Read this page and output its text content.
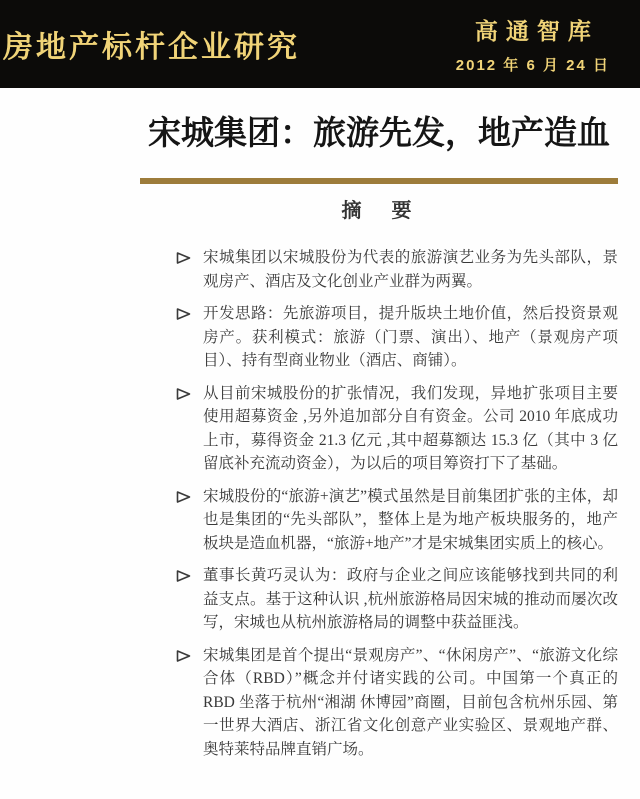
房地产标杆企业研究	高通智库
2012 年 6 月 24 日
宋城集团：旅游先发，地产造血
摘　要
宋城集团以宋城股份为代表的旅游演艺业务为先头部队，景观房产、酒店及文化创业产业群为两翼。
开发思路：先旅游项目，提升版块土地价值，然后投资景观房产。获利模式：旅游（门票、演出）、地产（景观房产项目）、持有型商业物业（酒店、商铺）。
从目前宋城股份的扩张情况，我们发现，异地扩张项目主要使用超募资金 ,另外追加部分自有资金。公司 2010 年底成功上市，募得资金 21.3 亿元 ,其中超募额达 15.3 亿（其中 3 亿留底补充流动资金），为以后的项目筹资打下了基础。
宋城股份的“旅游+演艺”模式虽然是目前集团扩张的主体，却也是集团的“先头部队”，整体上是为地产板块服务的，地产板块是造血机器，“旅游+地产”才是宋城集团实质上的核心。
董事长黄巧灵认为：政府与企业之间应该能够找到共同的利益支点。基于这种认识 ,杭州旅游格局因宋城的推动而屡次改写，宋城也从杭州旅游格局的调整中获益匪浅。
宋城集团是首个提出“景观房产”、“休闲房产”、“旅游文化综合体（RBD）”概念并付诸实践的公司。中国第一个真正的 RBD 坐落于杭州“湘湖 休博园”商圈，目前包含杭州乐园、第一世界大酒店、浙江省文化创意产业实验区、景观地产群、奥特莱特品牌直销广场。
